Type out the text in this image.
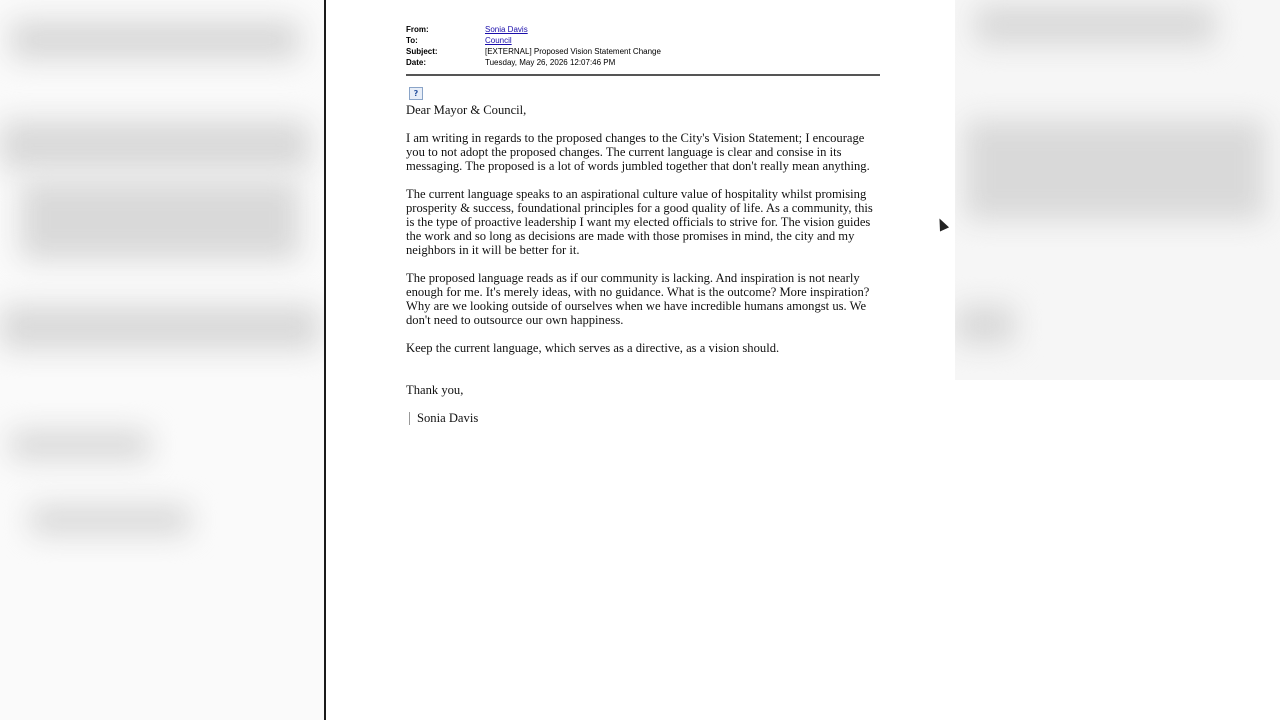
From:	Sonia Davis
To:	Council
Subject:	[EXTERNAL] Proposed Vision Statement Change
Date:	Tuesday, May 26, 2026 12:07:46 PM
?

Dear Mayor & Council,

I am writing in regards to the proposed changes to the City's Vision Statement; I encourage you to not adopt the proposed changes. The current language is clear and consise in its messaging. The proposed is a lot of words jumbled together that don't really mean anything.

The current language speaks to an aspirational culture value of hospitality whilst promising prosperity & success, foundational principles for a good quality of life. As a community, this is the type of proactive leadership I want my elected officials to strive for. The vision guides the work and so long as decisions are made with those promises in mind, the city and my neighbors in it will be better for it.

The proposed language reads as if our community is lacking. And inspiration is not nearly enough for me. It's merely ideas, with no guidance. What is the outcome? More inspiration? Why are we looking outside of ourselves when we have incredible humans amongst us. We don't need to outsource our own happiness.

Keep the current language, which serves as a directive, as a vision should.

Thank you,

Sonia Davis
